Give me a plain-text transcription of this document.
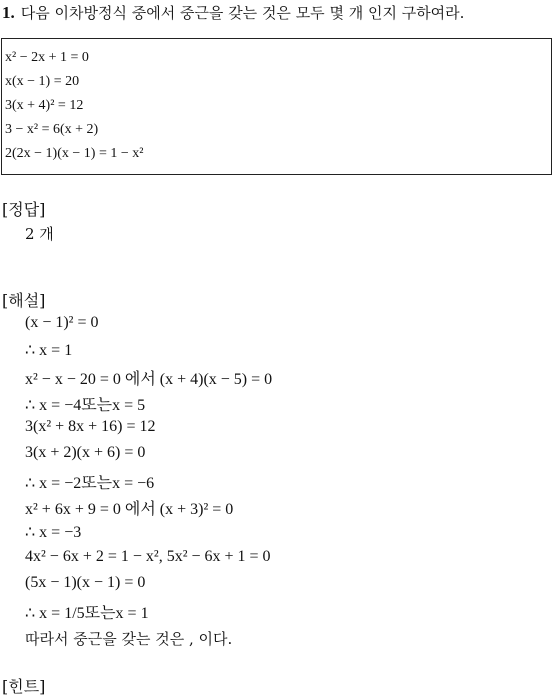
1. 다음 이차방정식 중에서 중근을 갖는 것은 모두 몇 개 인지 구하여라.
x² − 2x + 1 = 0
x(x − 1) = 20
3(x + 4)² = 12
3 − x² = 6(x + 2)
2(2x − 1)(x − 1) = 1 − x²
[정답]
2 개
[해설]
(x − 1)² = 0
∴ x = 1
x² − x − 20 = 0 에서 (x + 4)(x − 5) = 0
∴ x = −4또는x = 5
3(x² + 8x + 16) = 12
3(x + 2)(x + 6) = 0
∴ x = −2또는x = −6
x² + 6x + 9 = 0 에서 (x + 3)² = 0
∴ x = −3
4x² − 6x + 2 = 1 − x², 5x² − 6x + 1 = 0
(5x − 1)(x − 1) = 0
∴ x = 1/5또는x = 1
따라서 중근을 갖는 것은 , 이다.
[힌트]
